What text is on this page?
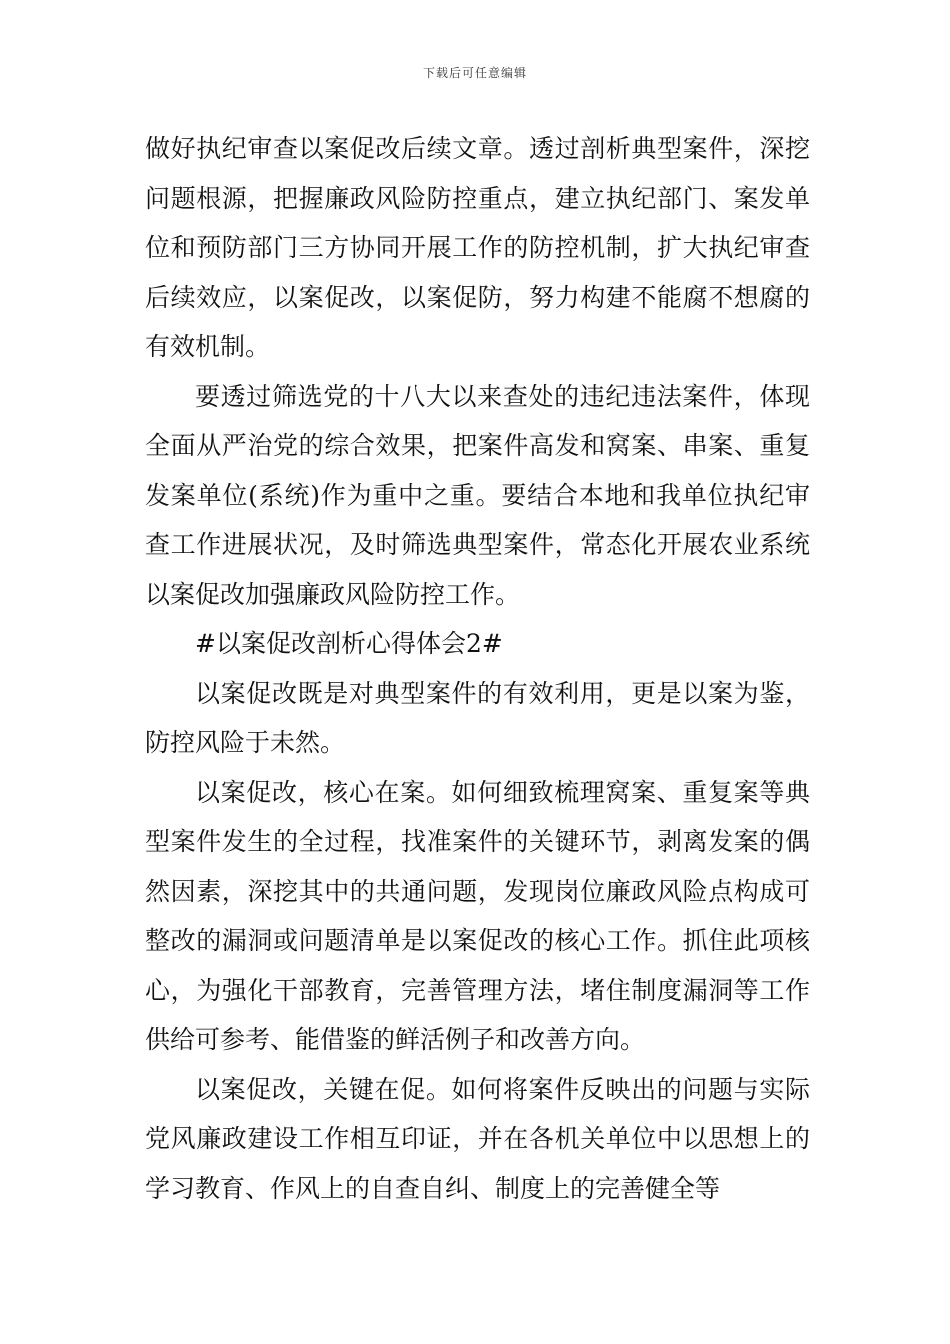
下载后可任意编辑

做好执纪审查以案促改后续文章。透过剖析典型案件，深挖问题根源，把握廉政风险防控重点，建立执纪部门、案发单位和预防部门三方协同开展工作的防控机制，扩大执纪审查后续效应，以案促改，以案促防，努力构建不能腐不想腐的有效机制。

要透过筛选党的十八大以来查处的违纪违法案件，体现全面从严治党的综合效果，把案件高发和窝案、串案、重复发案单位(系统)作为重中之重。要结合本地和我单位执纪审查工作进展状况，及时筛选典型案件，常态化开展农业系统以案促改加强廉政风险防控工作。

#以案促改剖析心得体会2#

以案促改既是对典型案件的有效利用，更是以案为鉴，防控风险于未然。

以案促改，核心在案。如何细致梳理窝案、重复案等典型案件发生的全过程，找准案件的关键环节，剥离发案的偶然因素，深挖其中的共通问题，发现岗位廉政风险点构成可整改的漏洞或问题清单是以案促改的核心工作。抓住此项核心，为强化干部教育，完善管理方法，堵住制度漏洞等工作供给可参考、能借鉴的鲜活例子和改善方向。

以案促改，关键在促。如何将案件反映出的问题与实际党风廉政建设工作相互印证，并在各机关单位中以思想上的学习教育、作风上的自查自纠、制度上的完善健全等
